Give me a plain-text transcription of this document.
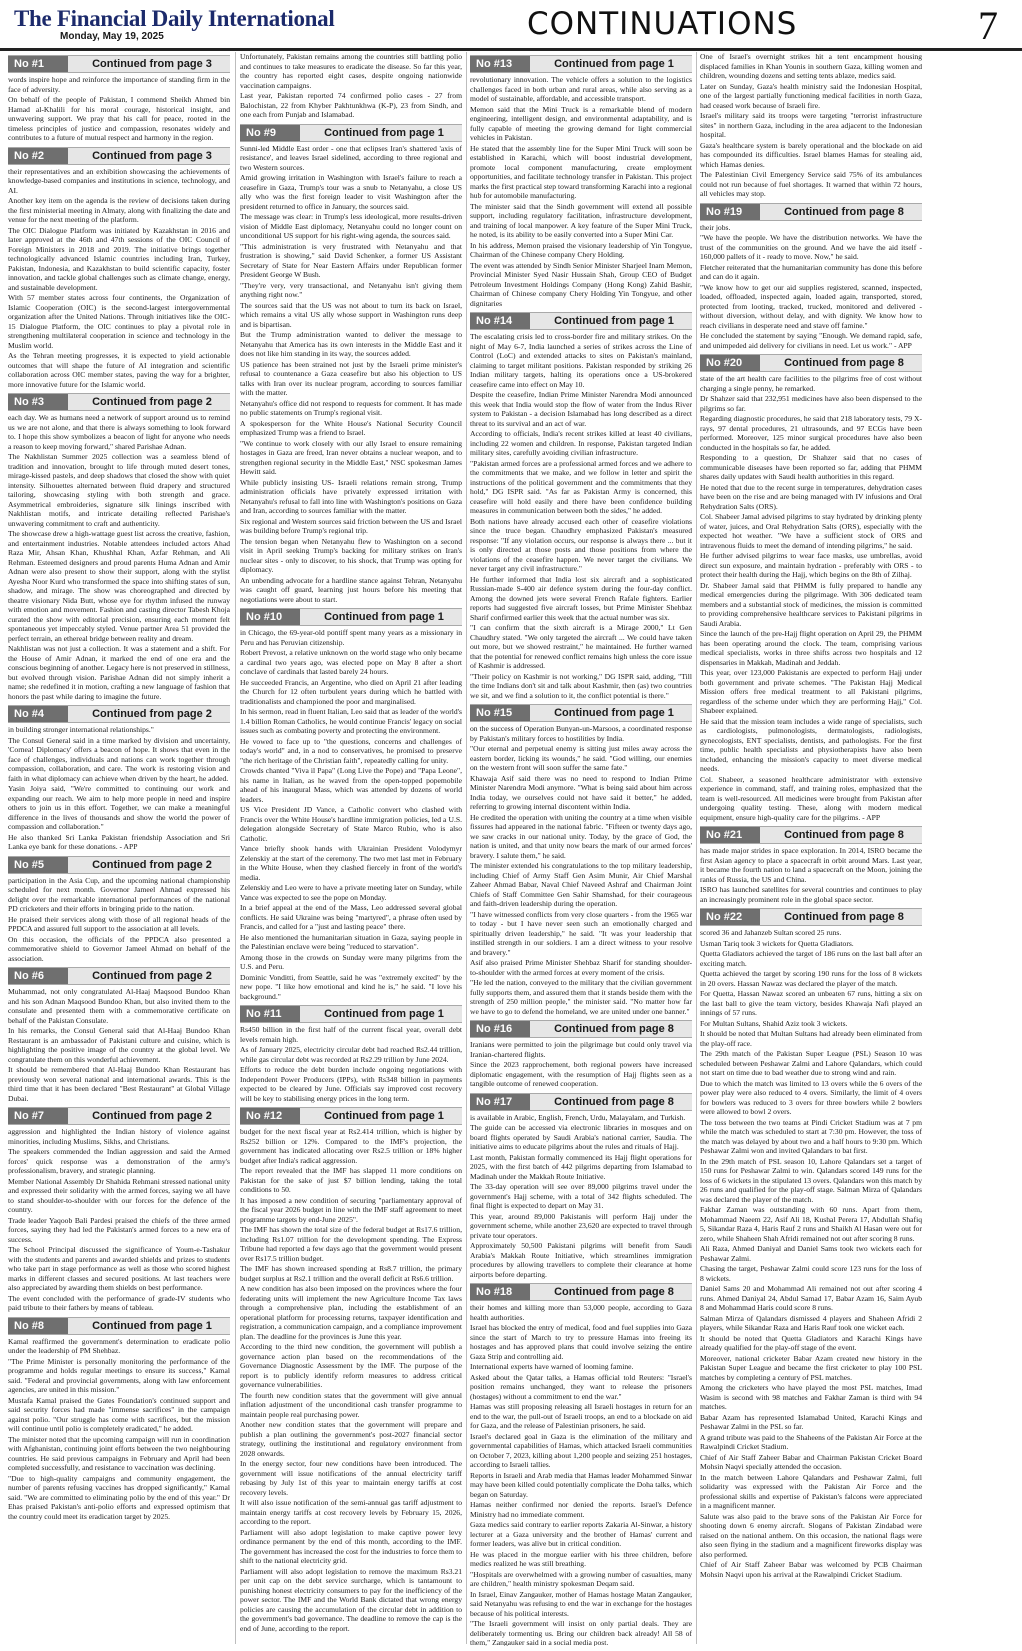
The Financial Daily International
Monday, May 19, 2025	CONTINUATIONS	7
No #1	Continued from page 3

words inspire hope and reinforce the importance of standing firm in the face of adversity.

On behalf of the people of Pakistan, I commend Sheikh Ahmed bin Hamad al-Khalili for his moral courage, historical insight, and unwavering support. We pray that his call for peace, rooted in the timeless principles of justice and compassion, resonates widely and contributes to a future of mutual respect and harmony in the region.

No #2	Continued from page 3

their representatives and an exhibition showcasing the achievements of knowledge-based companies and institutions in science, technology, and AI.

Another key item on the agenda is the review of decisions taken during the first ministerial meeting in Almaty, along with finalizing the date and venue for the next meeting of the platform.

The OIC Dialogue Platform was initiated by Kazakhstan in 2016 and later approved at the 46th and 47th sessions of the OIC Council of Foreign Ministers in 2018 and 2019. The initiative brings together technologically advanced Islamic countries including Iran, Turkey, Pakistan, Indonesia, and Kazakhstan to build scientific capacity, foster innovation, and tackle global challenges such as climate change, energy, and sustainable development.

With 57 member states across four continents, the Organization of Islamic Cooperation (OIC) is the second-largest intergovernmental organization after the United Nations. Through initiatives like the OIC-15 Dialogue Platform, the OIC continues to play a pivotal role in strengthening multilateral cooperation in science and technology in the Muslim world.

As the Tehran meeting progresses, it is expected to yield actionable outcomes that will shape the future of AI integration and scientific collaboration across OIC member states, paving the way for a brighter, more innovative future for the Islamic world.

No #3	Continued from page 2

each day. We as humans need a network of support around us to remind us we are not alone, and that there is always something to look forward to. I hope this show symbolizes a beacon of light for anyone who needs a reason to keep moving forward," shared Parishae Adnan.

The Nakhlistan Summer 2025 collection was a seamless blend of tradition and innovation, brought to life through muted desert tones, mirage-kissed pastels, and deep shadows that closed the show with quiet intensity. Silhouettes alternated between fluid drapery and structured tailoring, showcasing styling with both strength and grace. Asymmetrical embroideries, signature silk linings inscribed with Nakhlistan motifs, and intricate detailing reflected Parishae's unwavering commitment to craft and authenticity.

The showcase drew a high-wattage guest list across the creative, fashion, and entertainment industries. Notable attendees included actors Ahad Raza Mir, Ahsan Khan, Khushhal Khan, Azfar Rehman, and Ali Rehman. Esteemed designers and proud parents Huma Adnan and Amir Adnan were also present to show their support, along with the stylist Ayesha Noor Kurd who transformed the space into shifting states of sun, shadow, and mirage. The show was choreographed and directed by theatre visionary Nida Butt, whose eye for rhythm infused the runway with emotion and movement. Fashion and casting director Tabesh Khoja curated the show with editorial precision, ensuring each moment felt spontaneous yet impeccably styled. Venue partner Area 51 provided the perfect terrain, an ethereal bridge between reality and dream.

Nakhlistan was not just a collection. It was a statement and a shift. For the House of Amir Adnan, it marked the end of one era and the conscious beginning of another. Legacy here is not preserved in stillness, but evolved through vision. Parishae Adnan did not simply inherit a name; she redefined it in motion, crafting a new language of fashion that honors the past while daring to imagine the future.

No #4	Continued from page 2

in building stronger international relationships."

The Consul General said in a time marked by division and uncertainty, 'Cornea! Diplomacy' offers a beacon of hope. It shows that even in the face of challenges, individuals and nations can work together through compassion, collaboration, and care. The work is restoring vision and faith in what diplomacy can achieve when driven by the heart, he added.

Yasin Joiya said, "We're committed to continuing our work and expanding our reach. We aim to help more people in need and inspire others to join us in this effort. Together, we can make a meaningful difference in the lives of thousands and show the world the power of compassion and collaboration."

He also thanked Sri Lanka Pakistan friendship Association and Sri Lanka eye bank for these donations. - APP

No #5	Continued from page 2

participation in the Asia Cup, and the upcoming national championship scheduled for next month. Governor Jameel Ahmad expressed his delight over the remarkable international performances of the national PD cricketers and their efforts in bringing pride to the nation.

He praised their services along with those of all regional heads of the PPDCA and assured full support to the association at all levels.

On this occasion, the officials of the PPDCA also presented a commemorative shield to Governor Jameel Ahmad on behalf of the association.

No #6	Continued from page 2

Muhammad, not only congratulated Al-Haaj Maqsood Bundoo Khan and his son Adnan Maqsood Bundoo Khan, but also invited them to the consulate and presented them with a commemorative certificate on behalf of the Pakistan Consulate.

In his remarks, the Consul General said that Al-Haaj Bundoo Khan Restaurant is an ambassador of Pakistani culture and cuisine, which is highlighting the positive image of the country at the global level. We congratulate them on this wonderful achievement.

It should be remembered that Al-Haaj Bundoo Khan Restaurant has previously won several national and international awards. This is the third time that it has been declared "Best Restaurant" at Global Village Dubai.

No #7	Continued from page 2

aggression and highlighted the Indian history of violence against minorities, including Muslims, Sikhs, and Christians.

The speakers commended the Indian aggression and said the Armed forces' quick response was a demonstration of the army's professionalism, bravery, and strategic planning.

Member National Assembly Dr Shahida Rehmani stressed national unity and expressed their solidarity with the armed forces, saying we all have to stand shoulder-to-shoulder with our forces for the defence of the country.

Trade leader Yaqoob Bali Pardesi praised the chiefs of the three armed forces, saying they had led the Pakistan's armed forces to a new era of success.

The School Principal discussed the significance of Youm-e-Tashakur with the students and parents and awarded shields and prizes to students who take part in stage performance as well as those who scored highest marks in different classes and secured positions. At last teachers were also appreciated by awarding them shields on best performance.

The event concluded with the performance of grade-IV students who paid tribute to their fathers by means of tableau.

No #8	Continued from page 1

Kamal reaffirmed the government's determination to eradicate polio under the leadership of PM Shehbaz.

"The Prime Minister is personally monitoring the performance of the programme and holds regular meetings to ensure its success," Kamal said. "Federal and provincial governments, along with law enforcement agencies, are united in this mission."

Mustafa Kamal praised the Gates Foundation's continued support and said security forces had made "immense sacrifices" in the campaign against polio. "Our struggle has come with sacrifices, but the mission will continue until polio is completely eradicated," he added.

The minister noted that the upcoming campaign will run in coordination with Afghanistan, continuing joint efforts between the two neighbouring countries. He said previous campaigns in February and April had been completed successfully, and resistance to vaccination was declining.

"Due to high-quality campaigns and community engagement, the number of parents refusing vaccines has dropped significantly," Kamal said. "We are committed to eliminating polio by the end of this year." Dr Ehas praised Pakistan's anti-polio efforts and expressed optimism that the country could meet its eradication target by 2025.

Unfortunately, Pakistan remains among the countries still battling polio and continues to take measures to eradicate the disease. So far this year, the country has reported eight cases, despite ongoing nationwide vaccination campaigns.

Last year, Pakistan reported 74 confirmed polio cases - 27 from Balochistan, 22 from Khyber Pakhtunkhwa (K-P), 23 from Sindh, and one each from Punjab and Islamabad.

No #9	Continued from page 1

Sunni-led Middle East order - one that eclipses Iran's shattered 'axis of resistance', and leaves Israel sidelined, according to three regional and two Western sources.

Amid growing irritation in Washington with Israel's failure to reach a ceasefire in Gaza, Trump's tour was a snub to Netanyahu, a close US ally who was the first foreign leader to visit Washington after the president returned to office in January, the sources said.

The message was clear: in Trump's less ideological, more results-driven vision of Middle East diplomacy, Netanyahu could no longer count on unconditional US support for his right-wing agenda, the sources said.

"This administration is very frustrated with Netanyahu and that frustration is showing," said David Schenker, a former US Assistant Secretary of State for Near Eastern Affairs under Republican former President George W Bush.

"They're very, very transactional, and Netanyahu isn't giving them anything right now."

The sources said that the US was not about to turn its back on Israel, which remains a vital US ally whose support in Washington runs deep and is bipartisan.

But the Trump administration wanted to deliver the message to Netanyahu that America has its own interests in the Middle East and it does not like him standing in its way, the sources added.

US patience has been strained not just by the Israeli prime minister's refusal to countenance a Gaza ceasefire but also his objection to US talks with Iran over its nuclear program, according to sources familiar with the matter.

Netanyahu's office did not respond to requests for comment. It has made no public statements on Trump's regional visit.

A spokesperson for the White House's National Security Council emphasized Trump was a friend to Israel.

"We continue to work closely with our ally Israel to ensure remaining hostages in Gaza are freed, Iran never obtains a nuclear weapon, and to strengthen regional security in the Middle East," NSC spokesman James Hewitt said.

While publicly insisting US- Israeli relations remain strong, Trump administration officials have privately expressed irritation with Netanyahu's refusal to fall into line with Washington's positions on Gaza and Iran, according to sources familiar with the matter.

Six regional and Western sources said friction between the US and Israel was building before Trump's regional trip.

The tension began when Netanyahu flew to Washington on a second visit in April seeking Trump's backing for military strikes on Iran's nuclear sites - only to discover, to his shock, that Trump was opting for diplomacy.

An unbending advocate for a hardline stance against Tehran, Netanyahu was caught off guard, learning just hours before his meeting that negotiations were about to start.

No #10	Continued from page 1

in Chicago, the 69-year-old pontiff spent many years as a missionary in Peru and has Peruvian citizenship.

Robert Prevost, a relative unknown on the world stage who only became a cardinal two years ago, was elected pope on May 8 after a short conclave of cardinals that lasted barely 24 hours.

He succeeded Francis, an Argentine, who died on April 21 after leading the Church for 12 often turbulent years during which he battled with traditionalists and championed the poor and marginalised.

In his sermon, read in fluent Italian, Leo said that as leader of the world's 1.4 billion Roman Catholics, he would continue Francis' legacy on social issues such as combating poverty and protecting the environment.

He vowed to face up to "the questions, concerns and challenges of today's world" and, in a nod to conservatives, he promised to preserve "the rich heritage of the Christian faith", repeatedly calling for unity.

Crowds chanted "Viva il Papa" (Long Live the Pope) and "Papa Leone", his name in Italian, as he waved from the open-topped popemobile ahead of his inaugural Mass, which was attended by dozens of world leaders.

US Vice President JD Vance, a Catholic convert who clashed with Francis over the White House's hardline immigration policies, led a U.S. delegation alongside Secretary of State Marco Rubio, who is also Catholic.

Vance briefly shook hands with Ukrainian President Volodymyr Zelenskiy at the start of the ceremony. The two met last met in February in the White House, when they clashed fiercely in front of the world's media.

Zelenskiy and Leo were to have a private meeting later on Sunday, while Vance was expected to see the pope on Monday.

In a brief appeal at the end of the Mass, Leo addressed several global conflicts. He said Ukraine was being "martyred", a phrase often used by Francis, and called for a "just and lasting peace" there.

He also mentioned the humanitarian situation in Gaza, saying people in the Palestinian enclave were being "reduced to starvation".

Among those in the crowds on Sunday were many pilgrims from the U.S. and Peru.

Dominic Vonditti, from Seattle, said he was "extremely excited" by the new pope. "I like how emotional and kind he is," he said. "I love his background."

No #11	Continued from page 1

Rs450 billion in the first half of the current fiscal year, overall debt levels remain high.

As of January 2025, electricity circular debt had reached Rs2.44 trillion, while gas circular debt was recorded at Rs2.29 trillion by June 2024.

Efforts to reduce the debt burden include ongoing negotiations with Independent Power Producers (IPPs), with Rs348 billion in payments expected to be cleared by June. Officials say improved cost recovery will be key to stabilising energy prices in the long term.

No #12	Continued from page 1

budget for the next fiscal year at Rs2.414 trillion, which is higher by Rs252 billion or 12%. Compared to the IMF's projection, the government has indicated allocating over Rs2.5 trillion or 18% higher budget after India's radical aggression.

The report revealed that the IMF has slapped 11 more conditions on Pakistan for the sake of just $7 billion lending, taking the total conditions to 50.

It has imposed a new condition of securing "parliamentary approval of the fiscal year 2026 budget in line with the IMF staff agreement to meet programme targets by end-June 2025".

The IMF has shown the total size of the federal budget at Rs17.6 trillion, including Rs1.07 trillion for the development spending. The Express Tribune had reported a few days ago that the government would present over Rs17.5 trillion budget.

The IMF has shown increased spending at Rs8.7 trillion, the primary budget surplus at Rs2.1 trillion and the overall deficit at Rs6.6 trillion.

A new condition has also been imposed on the provinces where the four federating units will implement the new Agriculture Income Tax laws through a comprehensive plan, including the establishment of an operational platform for processing returns, taxpayer identification and registration, a communication campaign, and a compliance improvement plan. The deadline for the provinces is June this year.

According to the third new condition, the government will publish a governance action plan based on the recommendations of the Governance Diagnostic Assessment by the IMF. The purpose of the report is to publicly identify reform measures to address critical governance vulnerabilities.

The fourth new condition states that the government will give annual inflation adjustment of the unconditional cash transfer programme to maintain people real purchasing power.

Another new condition states that the government will prepare and publish a plan outlining the government's post-2027 financial sector strategy, outlining the institutional and regulatory environment from 2028 onwards.

In the energy sector, four new conditions have been introduced. The government will issue notifications of the annual electricity tariff rebasing by July 1st of this year to maintain energy tariffs at cost recovery levels.

It will also issue notification of the semi-annual gas tariff adjustment to maintain energy tariffs at cost recovery levels by February 15, 2026, according to the report.

Parliament will also adopt legislation to make captive power levy ordinance permanent by the end of this month, according to the IMF. The government has increased the cost for the industries to force them to shift to the national electricity grid.

Parliament will also adopt legislation to remove the maximum Rs3.21 per unit cap on the debt service surcharge, which is tantamount to punishing honest electricity consumers to pay for the inefficiency of the power sector. The IMF and the World Bank dictated that wrong energy policies are causing the accumulation of the circular debt in addition to the government's bad governance. The deadline to remove the cap is the end of June, according to the report.

No #13	Continued from page 1

revolutionary innovation. The vehicle offers a solution to the logistics challenges faced in both urban and rural areas, while also serving as a model of sustainable, affordable, and accessible transport.

Memon said that the Mini Truck is a remarkable blend of modern engineering, intelligent design, and environmental adaptability, and is fully capable of meeting the growing demand for light commercial vehicles in Pakistan.

He stated that the assembly line for the Super Mini Truck will soon be established in Karachi, which will boost industrial development, promote local component manufacturing, create employment opportunities, and facilitate technology transfer in Pakistan. This project marks the first practical step toward transforming Karachi into a regional hub for automobile manufacturing.

The minister said that the Sindh government will extend all possible support, including regulatory facilitation, infrastructure development, and training of local manpower. A key feature of the Super Mini Truck, he noted, is its ability to be easily converted into a Super Mini Car.

In his address, Memon praised the visionary leadership of Yin Tongyue, Chairman of the Chinese company Chery Holding.

The event was attended by Sindh Senior Minister Sharjeel Inam Memon, Provincial Minister Syed Nasir Hussain Shah, Group CEO of Budget Petroleum Investment Holdings Company (Hong Kong) Zahid Bashir, Chairman of Chinese company Chery Holding Yin Tongyue, and other dignitaries

No #14	Continued from page 1

The escalating crisis led to cross-border fire and military strikes. On the night of May 6-7, India launched a series of strikes across the Line of Control (LoC) and extended attacks to sites on Pakistan's mainland, claiming to target militant positions. Pakistan responded by striking 26 Indian military targets, halting its operations once a US-brokered ceasefire came into effect on May 10.

Despite the ceasefire, Indian Prime Minister Narendra Modi announced this week that India would stop the flow of water from the Indus River system to Pakistan - a decision Islamabad has long described as a direct threat to its survival and an act of war.

According to officials, India's recent strikes killed at least 40 civilians, including 22 women and children. In response, Pakistan targeted Indian military sites, carefully avoiding civilian infrastructure.

"Pakistan armed forces are a professional armed forces and we adhere to the commitments that we make, and we follow in letter and spirit the instructions of the political government and the commitments that they hold," DG ISPR said. "As far as Pakistan Army is concerned, this ceasefire will hold easily and there have been confidence building measures in communication between both the sides," he added.

Both nations have already accused each other of ceasefire violations since the truce began. Chaudhry emphasized Pakistan's measured response: "If any violation occurs, our response is always there ... but it is only directed at those posts and those positions from where the violations of the ceasefire happen. We never target the civilians. We never target any civil infrastructure."

He further informed that India lost six aircraft and a sophisticated Russian-made S-400 air defence system during the four-day conflict. Among the downed jets were several French Rafale fighters. Earlier reports had suggested five aircraft losses, but Prime Minister Shehbaz Sharif confirmed earlier this week that the actual number was six.

"I can confirm that the sixth aircraft is a Mirage 2000," Lt Gen Chaudhry stated. "We only targeted the aircraft ... We could have taken out more, but we showed restraint," he maintained. He further warned that the potential for renewed conflict remains high unless the core issue of Kashmir is addressed.

"Their policy on Kashmir is not working," DG ISPR said, adding, "Till the time Indians don't sit and talk about Kashmir, then (as) two countries we sit, and we find a solution to it, the conflict potential is there."

No #15	Continued from page 1

on the success of Operation Bunyan-un-Marsoos, a coordinated response by Pakistan's military forces to hostilities by India.

"Our eternal and perpetual enemy is sitting just miles away across the eastern border, licking its wounds," he said. "God willing, our enemies on the western front will soon suffer the same fate."

Khawaja Asif said there was no need to respond to Indian Prime Minister Narendra Modi anymore. "What is being said about him across India today, we ourselves could not have said it better," he added, referring to growing internal discontent within India.

He credited the operation with uniting the country at a time when visible fissures had appeared in the national fabric. "Fifteen or twenty days ago, we saw cracks in our national unity. Today, by the grace of God, the nation is united, and that unity now bears the mark of our armed forces' bravery. I salute them," he said.

The minister extended his congratulations to the top military leadership, including Chief of Army Staff Gen Asim Munir, Air Chief Marshal Zaheer Ahmad Babar, Naval Chief Naveed Ashraf and Chairman Joint Chiefs of Staff Committee Gen Sahir Shamshad, for their courageous and faith-driven leadership during the operation.

"I have witnessed conflicts from very close quarters - from the 1965 war to today - but I have never seen such an emotionally charged and spiritually driven leadership," he said. "It was your leadership that instilled strength in our soldiers. I am a direct witness to your resolve and bravery."

Asif also praised Prime Minister Shehbaz Sharif for standing shoulder-to-shoulder with the armed forces at every moment of the crisis.

"He led the nation, conveyed to the military that the civilian government fully supports them, and assured them that it stands beside them with the strength of 250 million people," the minister said. "No matter how far we have to go to defend the homeland, we are united under one banner."

No #16	Continued from page 8

Iranians were permitted to join the pilgrimage but could only travel via Iranian-chartered flights.

Since the 2023 rapprochement, both regional powers have increased diplomatic engagement, with the resumption of Hajj flights seen as a tangible outcome of renewed cooperation.

No #17	Continued from page 8

is available in Arabic, English, French, Urdu, Malayalam, and Turkish.

The guide can be accessed via electronic libraries in mosques and on board flights operated by Saudi Arabia's national carrier, Saudia. The initiative aims to educate pilgrims about the rules and rituals of Hajj.

Last month, Pakistan formally commenced its Hajj flight operations for 2025, with the first batch of 442 pilgrims departing from Islamabad to Madinah under the Makkah Route Initiative.

The 33-day operation will see over 89,000 pilgrims travel under the government's Hajj scheme, with a total of 342 flights scheduled. The final flight is expected to depart on May 31.

This year, around 89,000 Pakistanis will perform Hajj under the government scheme, while another 23,620 are expected to travel through private tour operators.

Approximately 50,500 Pakistani pilgrims will benefit from Saudi Arabia's Makkah Route Initiative, which streamlines immigration procedures by allowing travellers to complete their clearance at home airports before departing.

No #18	Continued from page 8

their homes and killing more than 53,000 people, according to Gaza health authorities.

Israel has blocked the entry of medical, food and fuel supplies into Gaza since the start of March to try to pressure Hamas into freeing its hostages and has approved plans that could involve seizing the entire Gaza Strip and controlling aid.

International experts have warned of looming famine.

Asked about the Qatar talks, a Hamas official told Reuters: "Israel's position remains unchanged, they want to release the prisoners (hostages) without a commitment to end the war."

Hamas was still proposing releasing all Israeli hostages in return for an end to the war, the pull-out of Israeli troops, an end to a blockade on aid for Gaza, and the release of Palestinian prisoners, he said.

Israel's declared goal in Gaza is the elimination of the military and governmental capabilities of Hamas, which attacked Israeli communities on October 7, 2023, killing about 1,200 people and seizing 251 hostages, according to Israeli tallies.

Reports in Israeli and Arab media that Hamas leader Mohammed Sinwar may have been killed could potentially complicate the Doha talks, which began on Saturday.

Hamas neither confirmed nor denied the reports. Israel's Defence Ministry had no immediate comment.

Gaza medics said contrary to earlier reports Zakaria Al-Sinwar, a history lecturer at a Gaza university and the brother of Hamas' current and former leaders, was alive but in critical condition.

He was placed in the morgue earlier with his three children, before medics realized he was still breathing.

"Hospitals are overwhelmed with a growing number of casualties, many are children," health ministry spokesman Deqam said.

In Israel, Einav Zangauker, mother of Hamas hostage Matan Zangauker, said Netanyahu was refusing to end the war in exchange for the hostages because of his political interests.

"The Israeli government will insist on only partial deals. They are deliberately tormenting us. Bring our children back already! All 58 of them," Zangauker said in a social media post.

One of Israel's overnight strikes hit a tent encampment housing displaced families in Khan Younis in southern Gaza, killing women and children, wounding dozens and setting tents ablaze, medics said.

Later on Sunday, Gaza's health ministry said the Indonesian Hospital, one of the largest partially functioning medical facilities in north Gaza, had ceased work because of Israeli fire.

Israel's military said its troops were targeting "terrorist infrastructure sites" in northern Gaza, including in the area adjacent to the Indonesian hospital.

Gaza's healthcare system is barely operational and the blockade on aid has compounded its difficulties. Israel blames Hamas for stealing aid, which Hamas denies.

The Palestinian Civil Emergency Service said 75% of its ambulances could not run because of fuel shortages. It warned that within 72 hours, all vehicles may stop.

No #19	Continued from page 8

their jobs.

"We have the people. We have the distribution networks. We have the trust of the communities on the ground. And we have the aid itself - 160,000 pallets of it - ready to move. Now," he said.

Fletcher reiterated that the humanitarian community has done this before and can do it again.

"We know how to get our aid supplies registered, scanned, inspected, loaded, offloaded, inspected again, loaded again, transported, stored, protected from looting, tracked, trucked, monitored and delivered - without diversion, without delay, and with dignity. We know how to reach civilians in desperate need and stave off famine."

He concluded the statement by saying "Enough. We demand rapid, safe, and unimpeded aid delivery for civilians in need. Let us work." - APP

No #20	Continued from page 8

state of the art health care facilities to the pilgrims free of cost without charging a single penny, he remarked.

Dr Shahzer said that 232,951 medicines have also been dispensed to the pilgrims so far.

Regarding diagnostic procedures, he said that 218 laboratory tests, 79 X-rays, 97 dental procedures, 21 ultrasounds, and 97 ECGs have been performed. Moreover, 125 minor surgical procedures have also been conducted in the hospitals so far, he added.

Responding to a question, Dr Shahzer said that no cases of communicable diseases have been reported so far, adding that PHMM shares daily updates with Saudi health authorities in this regard.

He noted that due to the recent surge in temperatures, dehydration cases have been on the rise and are being managed with IV infusions and Oral Rehydration Salts (ORS).

Col. Shabeer Jamal advised pilgrims to stay hydrated by drinking plenty of water, juices, and Oral Rehydration Salts (ORS), especially with the expected hot weather. "We have a sufficient stock of ORS and intravenous fluids to meet the demand of intending pilgrims," he said.

He further advised pilgrims to wear face masks, use umbrellas, avoid direct sun exposure, and maintain hydration - preferably with ORS - to protect their health during the Hajj, which begins on the 8th of Zilhaj.

Dr. Shabeer Jamal said that PHMM is fully prepared to handle any medical emergencies during the pilgrimage. With 306 dedicated team members and a substantial stock of medicines, the mission is committed to providing comprehensive healthcare services to Pakistani pilgrims in Saudi Arabia.

Since the launch of the pre-Hajj flight operation on April 29, the PHMM has been operating around the clock. The team, comprising various medical specialists, works in three shifts across two hospitals and 12 dispensaries in Makkah, Madinah and Jeddah.

This year, over 123,000 Pakistanis are expected to perform Hajj under both government and private schemes. "The Pakistan Hajj Medical Mission offers free medical treatment to all Pakistani pilgrims, regardless of the scheme under which they are performing Hajj," Col. Shabeer explained.

He said that the mission team includes a wide range of specialists, such as cardiologists, pulmonologists, dermatologists, radiologists, gynecologists, ENT specialists, dentists, and pathologists. For the first time, public health specialists and physiotherapists have also been included, enhancing the mission's capacity to meet diverse medical needs.

Col. Shabeer, a seasoned healthcare administrator with extensive experience in command, staff, and training roles, emphasized that the team is well-resourced. All medicines were brought from Pakistan after undergoing quality testing. These, along with modern medical equipment, ensure high-quality care for the pilgrims. - APP

No #21	Continued from page 8

has made major strides in space exploration. In 2014, ISRO became the first Asian agency to place a spacecraft in orbit around Mars. Last year, it became the fourth nation to land a spacecraft on the Moon, joining the ranks of Russia, the US and China.

ISRO has launched satellites for several countries and continues to play an increasingly prominent role in the global space sector.

No #22	Continued from page 8

scored 36 and Jahanzeb Sultan scored 25 runs.

Usman Tariq took 3 wickets for Quetta Gladiators.

Quetta Gladiators achieved the target of 186 runs on the last ball after an exciting match.

Quetta achieved the target by scoring 190 runs for the loss of 8 wickets in 20 overs. Hassan Nawaz was declared the player of the match.

For Quetta, Hassan Nawaz scored an unbeaten 67 runs, hitting a six on the last ball to give the team victory, besides Khawaja Nafi played an innings of 57 runs.

For Multan Sultans, Shahid Aziz took 3 wickets.

It should be noted that Multan Sultans had already been eliminated from the play-off race.

The 29th match of the Pakistan Super League (PSL) Season 10 was scheduled between Peshawar Zalmi and Lahore Qalandars, which could not start on time due to bad weather due to strong wind and rain.

Due to which the match was limited to 13 overs while the 6 overs of the power play were also reduced to 4 overs. Similarly, the limit of 4 overs for bowlers was reduced to 3 overs for three bowlers while 2 bowlers were allowed to bowl 2 overs.

The toss between the two teams at Pindi Cricket Stadium was at 7 pm while the match was scheduled to start at 7:30 pm. However, the toss of the match was delayed by about two and a half hours to 9:30 pm. Which Peshawar Zalmi won and invited Qalandars to bat first.

In the 29th match of PSL season 10, Lahore Qalandars set a target of 150 runs for Peshawar Zalmi to win. Qalandars scored 149 runs for the loss of 6 wickets in the stipulated 13 overs. Qalandars won this match by 26 runs and qualified for the play-off stage. Salman Mirza of Qalandars was declared the player of the match.

Fakhar Zaman was outstanding with 60 runs. Apart from them, Mohammad Naeem 22, Asif Ali 18, Kushal Perera 17, Abdullah Shafiq 5, Sikandar Raza 4, Haris Rauf 2 runs and Shaikh Al Hasan were out for zero, while Shaheen Shah Afridi remained not out after scoring 8 runs.

Ali Raza, Ahmed Daniyal and Daniel Sams took two wickets each for Peshawar Zalmi.

Chasing the target, Peshawar Zalmi could score 123 runs for the loss of 8 wickets.

Daniel Sams 20 and Mohammad Ali remained not out after scoring 4 runs. Ahmed Daniyal 24, Abdul Samad 17, Babar Azam 16, Saim Ayub 8 and Mohammad Haris could score 8 runs.

Salman Mirza of Qalandars dismissed 4 players and Shaheen Afridi 2 players, while Sikandar Raza and Haris Rauf took one wicket each.

It should be noted that Quetta Gladiators and Karachi Kings have already qualified for the play-off stage of the event.

Moreover, national cricketer Babar Azam created new history in the Pakistan Super League and became the first cricketer to play 100 PSL matches by completing a century of PSL matches.

Among the cricketers who have played the most PSL matches, Imad Wasim is second with 98 matches and Fakhar Zaman is third with 94 matches.

Babar Azam has represented Islamabad United, Karachi Kings and Peshawar Zalmi in the PSL so far.

A grand tribute was paid to the Shaheens of the Pakistan Air Force at the Rawalpindi Cricket Stadium.

Chief of Air Staff Zaheer Babar and Chairman Pakistan Cricket Board Mohsin Naqvi specially attended the occasion.

In the match between Lahore Qalandars and Peshawar Zalmi, full solidarity was expressed with the Pakistan Air Force and the professional skills and expertise of Pakistan's falcons were appreciated in a magnificent manner.

Salute was also paid to the brave sons of the Pakistan Air Force for shooting down 6 enemy aircraft. Slogans of Pakistan Zindabad were raised on the national anthem. On this occasion, the national flags were also seen flying in the stadium and a magnificent fireworks display was also performed.

Chief of Air Staff Zaheer Babar was welcomed by PCB Chairman Mohsin Naqvi upon his arrival at the Rawalpindi Cricket Stadium.
